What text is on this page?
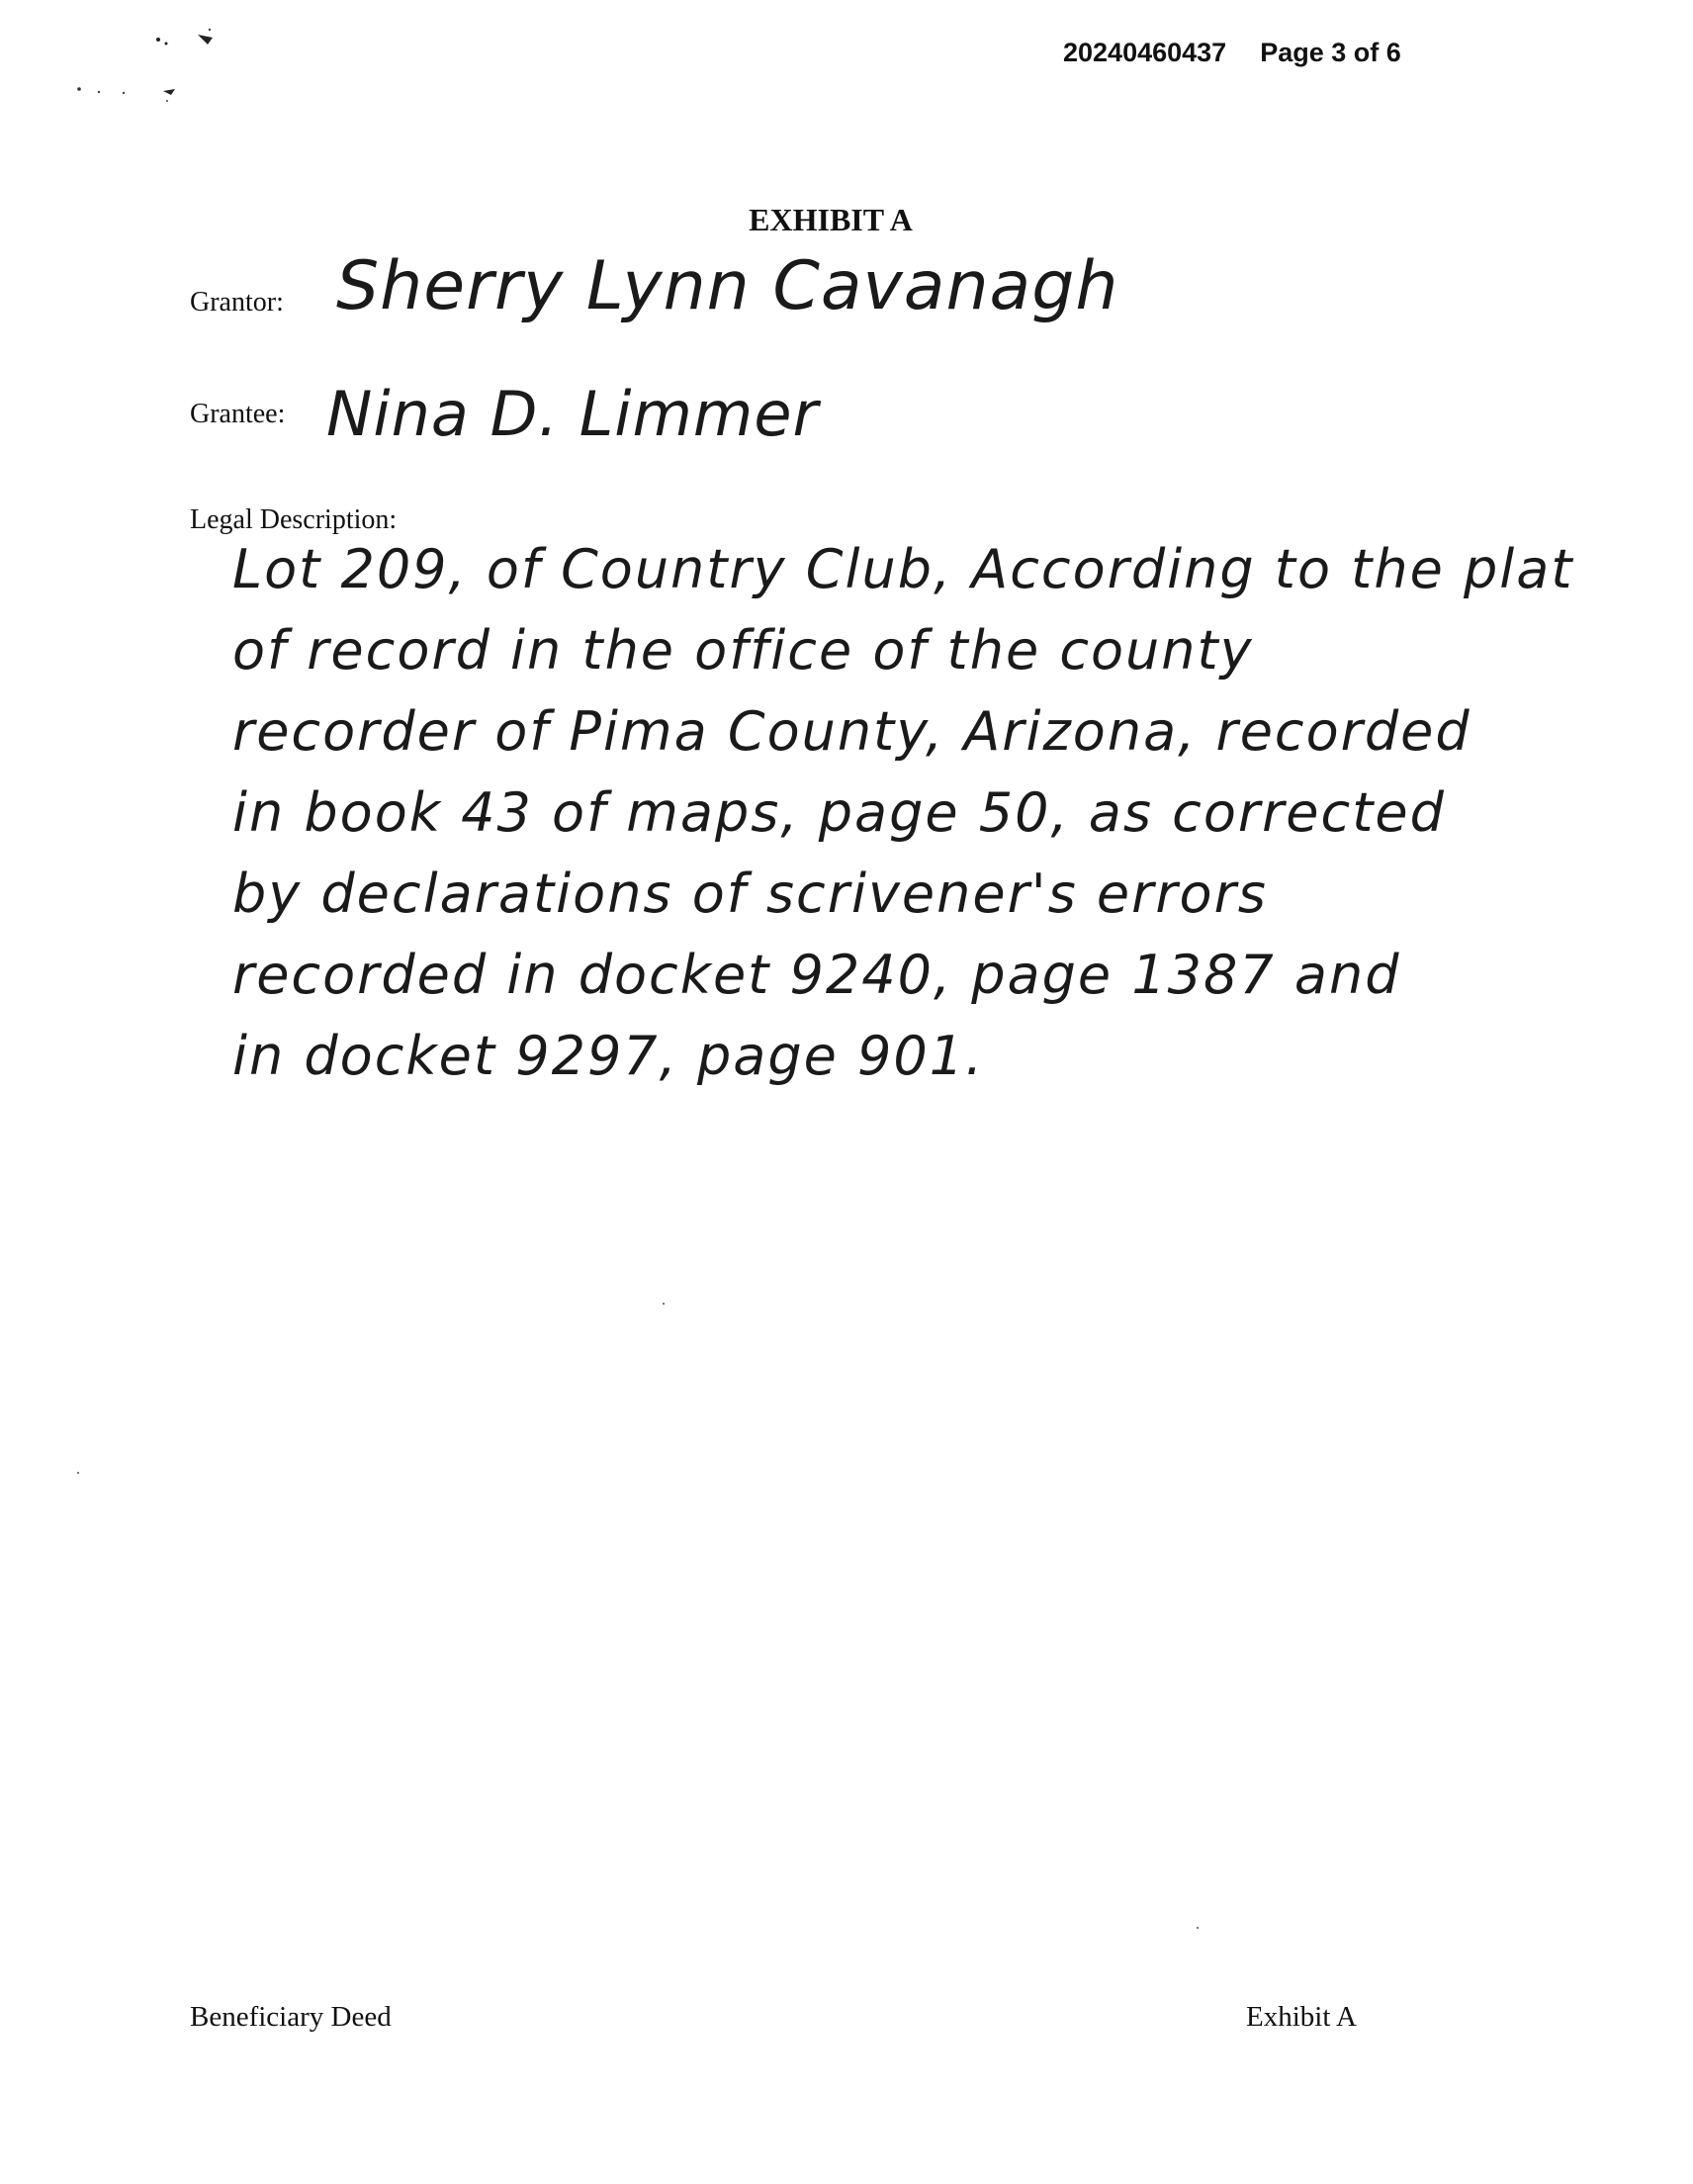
20240460437 Page 3 of 6
EXHIBIT A
Grantor: Sherry Lynn Cavanagh
Grantee: Nina D. Limmer
Legal Description:
Lot 209, of Country Club, According to the plat
of record in the office of the county
recorder of Pima County, Arizona, recorded
in book 43 of maps, page 50, as corrected
by declarations of scrivener's errors
recorded in docket 9240, page 1387 and
in docket 9297, page 901.
Beneficiary Deed	Exhibit A
